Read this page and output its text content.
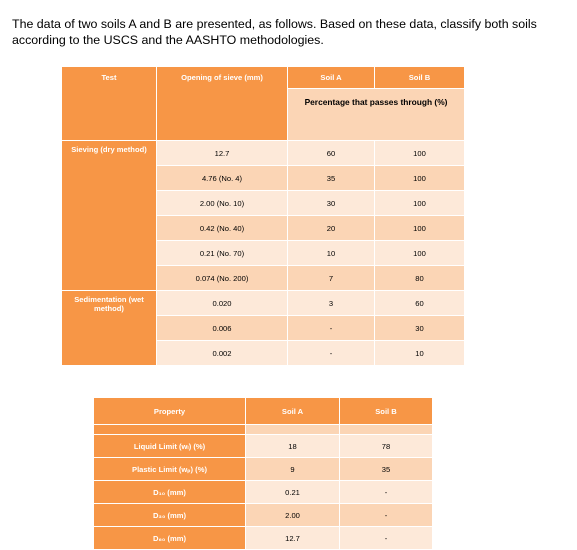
The data of two soils A and B are presented, as follows. Based on these data, classify both soils according to the USCS and the AASHTO methodologies.

Test	Opening of sieve (mm)	Soil A	Soil B
		Percentage that passes through (%)	
Sieving (dry method)	12.7	60	100
	4.76 (No. 4)	35	100
	2.00 (No. 10)	30	100
	0.42 (No. 40)	20	100
	0.21 (No. 70)	10	100
	0.074 (No. 200)	7	80
Sedimentation (wet method)	0.020	3	60
	0.006	-	30
	0.002	-	10
Property	Soil A	Soil B

Liquid Limit (wₗ) (%)	18	78
Plastic Limit (wₚ) (%)	9	35
D₁₀ (mm)	0.21	-
D₃₀ (mm)	2.00	-
D₆₀ (mm)	12.7	-
